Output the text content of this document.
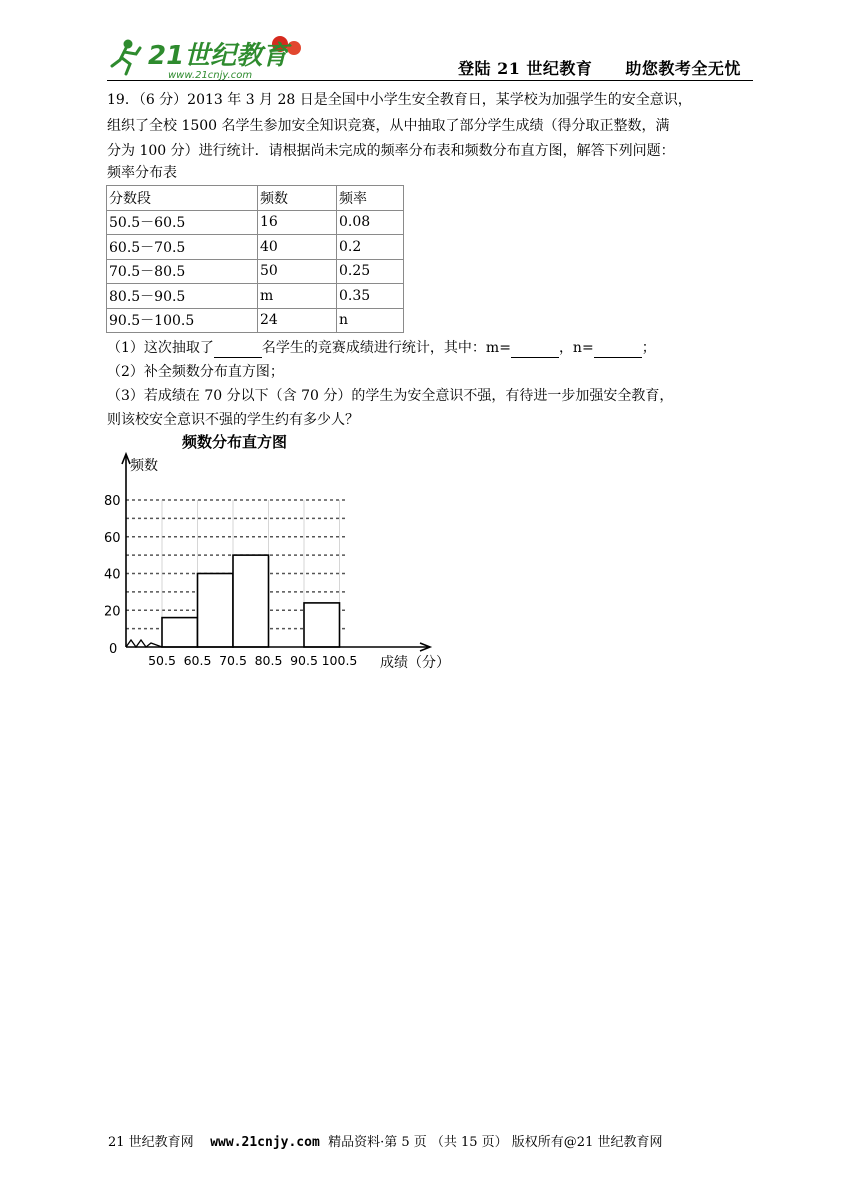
21世纪教育
www.21cnjy.com	登陆 21 世纪教育　　助您教考全无忧
19．（6 分）2013 年 3 月 28 日是全国中小学生安全教育日，某学校为加强学生的安全意识，
组织了全校 1500 名学生参加安全知识竞赛，从中抽取了部分学生成绩（得分取正整数，满
分为 100 分）进行统计．请根据尚未完成的频率分布表和频数分布直方图，解答下列问题：
频率分布表
分数段	频数	频率
50.5－60.5	16	0.08
60.5－70.5	40	0.2
70.5－80.5	50	0.25
80.5－90.5	m	0.35
90.5－100.5	24	n
（1）这次抽取了	名学生的竞赛成绩进行统计，其中：m=	，n=	；
（2）补全频数分布直方图；
（3）若成绩在 70 分以下（含 70 分）的学生为安全意识不强，有待进一步加强安全教育，
则该校安全意识不强的学生约有多少人？
0
20
40
60
80
50.5 60.5 70.5 80.5 90.5 100.5
频数
成绩（分）
频数分布直方图
21 世纪教育网 www.21cnjy.com 精品资料·第 5 页 （共 15 页） 版权所有@21 世纪教育网
